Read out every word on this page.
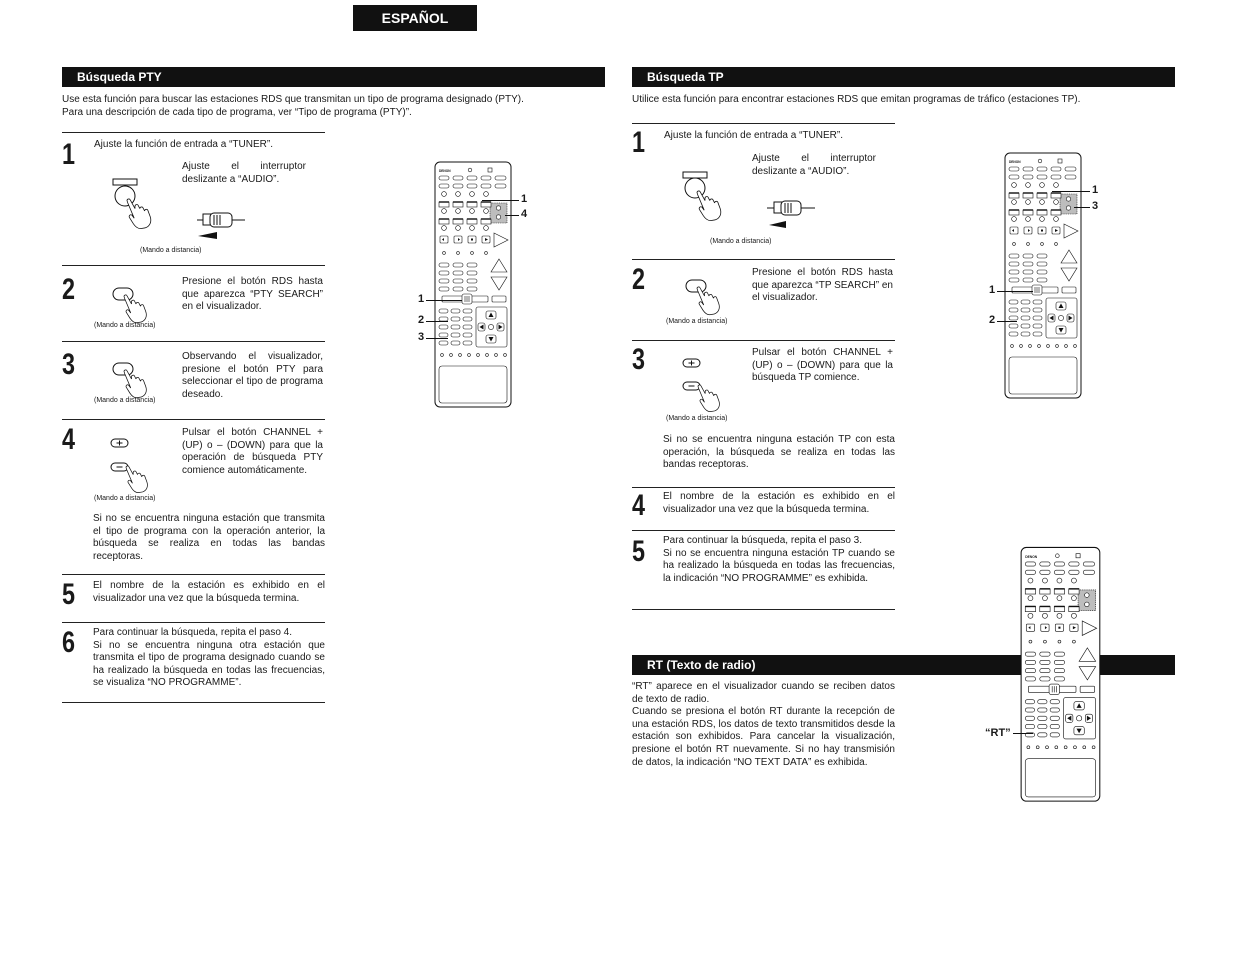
ESPAÑOL
Búsqueda PTY
Use esta función para buscar las estaciones RDS que transmitan un tipo de programa designado (PTY).
Para una descripción de cada tipo de programa, ver “Tipo de programa (PTY)”.
1 Ajuste la función de entrada a “TUNER”.
Ajuste el interruptor deslizante a “AUDIO”.
(Mando a distancia)
2	Presione el botón RDS hasta que aparezca “PTY SEARCH” en el visualizador.
(Mando a distancia)
3	Observando el visualizador, presione el botón PTY para seleccionar el tipo de programa deseado.
(Mando a distancia)
4	Pulsar el botón CHANNEL + (UP) o – (DOWN) para que la operación de búsqueda PTY comience automáticamente.
(Mando a distancia)
Si no se encuentra ninguna estación que transmita el tipo de programa con la operación anterior, la búsqueda se realiza en todas las bandas receptoras.
5 El nombre de la estación es exhibido en el visualizador una vez que la búsqueda termina.
6 Para continuar la búsqueda, repita el paso 4.
Si no se encuentra ninguna otra estación que transmita el tipo de programa designado cuando se ha realizado la búsqueda en todas las frecuencias, se visualiza “NO PROGRAMME”.
DENON
1
4
1
2
3
Búsqueda TP
Utilice esta función para encontrar estaciones RDS que emitan programas de tráfico (estaciones TP).
1 Ajuste la función de entrada a “TUNER”.
Ajuste el interruptor deslizante a “AUDIO”.
(Mando a distancia)
2	Presione el botón RDS hasta que aparezca “TP SEARCH” en el visualizador.
(Mando a distancia)
3	Pulsar el botón CHANNEL + (UP) o – (DOWN) para que la búsqueda TP comience.
(Mando a distancia)
Si no se encuentra ninguna estación TP con esta operación, la búsqueda se realiza en todas las bandas receptoras.
4 El nombre de la estación es exhibido en el visualizador una vez que la búsqueda termina.
5 Para continuar la búsqueda, repita el paso 3.
Si no se encuentra ninguna estación TP cuando se ha realizado la búsqueda en todas las frecuencias, la indicación “NO PROGRAMME” es exhibida.
DENON
1
3
1
2
RT (Texto de radio)
“RT” aparece en el visualizador cuando se reciben datos de texto de radio.
Cuando se presiona el botón RT durante la recepción de una estación RDS, los datos de texto transmitidos desde la estación son exhibidos. Para cancelar la visualización, presione el botón RT nuevamente. Si no hay transmisión de datos, la indicación “NO TEXT DATA” es exhibida.
DENON
“RT”
